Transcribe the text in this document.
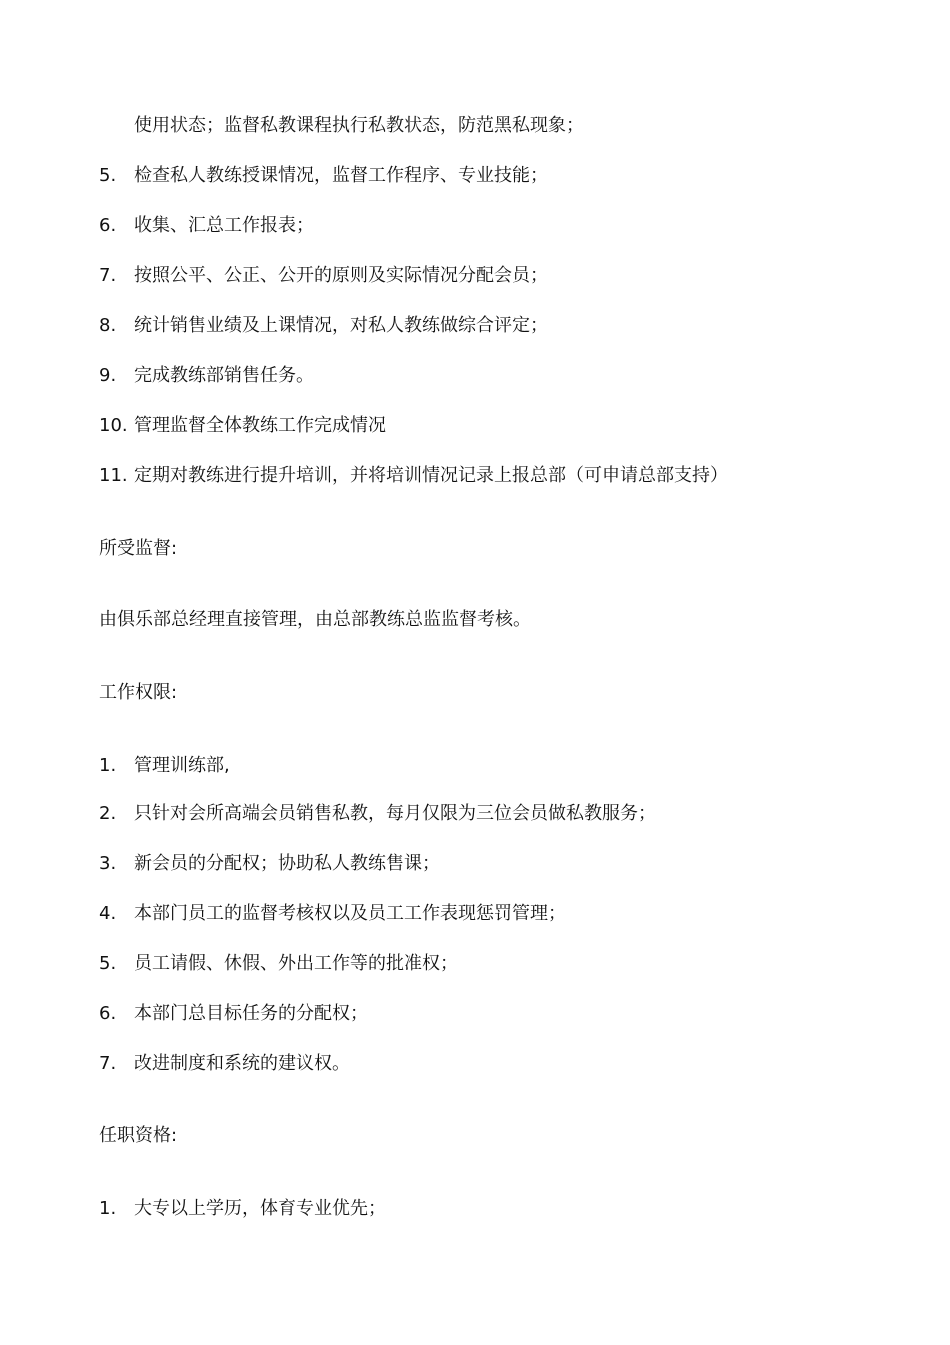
使用状态；监督私教课程执行私教状态，防范黑私现象；
5. 检查私人教练授课情况，监督工作程序、专业技能；
6. 收集、汇总工作报表；
7. 按照公平、公正、公开的原则及实际情况分配会员；
8. 统计销售业绩及上课情况，对私人教练做综合评定；
9. 完成教练部销售任务。
10. 管理监督全体教练工作完成情况
11. 定期对教练进行提升培训，并将培训情况记录上报总部（可申请总部支持）
所受监督:
由俱乐部总经理直接管理，由总部教练总监监督考核。
工作权限:
1. 管理训练部,
2. 只针对会所高端会员销售私教，每月仅限为三位会员做私教服务；
3. 新会员的分配权；协助私人教练售课；
4. 本部门员工的监督考核权以及员工工作表现惩罚管理；
5. 员工请假、休假、外出工作等的批准权；
6. 本部门总目标任务的分配权；
7. 改进制度和系统的建议权。
任职资格:
1. 大专以上学历，体育专业优先；
